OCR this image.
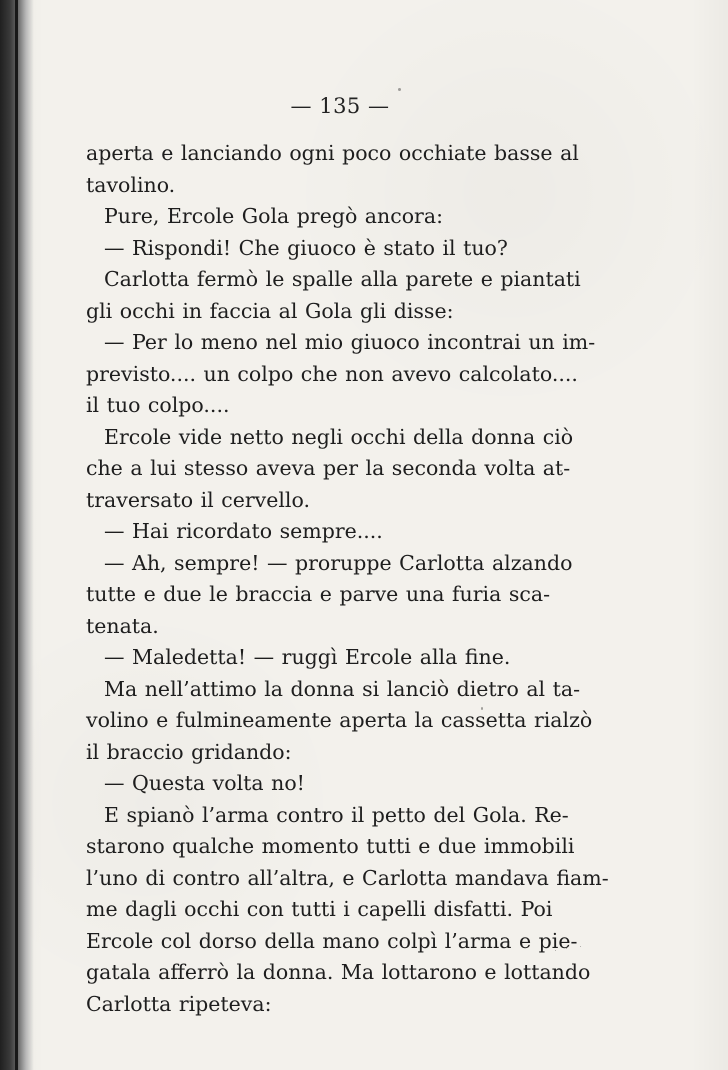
— 135 —
aperta e lanciando ogni poco occhiate basse al
tavolino.
Pure, Ercole Gola pregò ancora:
— Rispondi! Che giuoco è stato il tuo?
Carlotta fermò le spalle alla parete e piantati
gli occhi in faccia al Gola gli disse:
— Per lo meno nel mio giuoco incontrai un im-
previsto.... un colpo che non avevo calcolato....
il tuo colpo....
Ercole vide netto negli occhi della donna ciò
che a lui stesso aveva per la seconda volta at-
traversato il cervello.
— Hai ricordato sempre....
— Ah, sempre! — proruppe Carlotta alzando
tutte e due le braccia e parve una furia sca-
tenata.
— Maledetta! — ruggì Ercole alla fine.
Ma nell’attimo la donna si lanciò dietro al ta-
volino e fulmineamente aperta la cassetta rialzò
il braccio gridando:
— Questa volta no!
E spianò l’arma contro il petto del Gola. Re-
starono qualche momento tutti e due immobili
l’uno di contro all’altra, e Carlotta mandava fiam-
me dagli occhi con tutti i capelli disfatti. Poi
Ercole col dorso della mano colpì l’arma e pie-
gatala afferrò la donna. Ma lottarono e lottando
Carlotta ripeteva:
